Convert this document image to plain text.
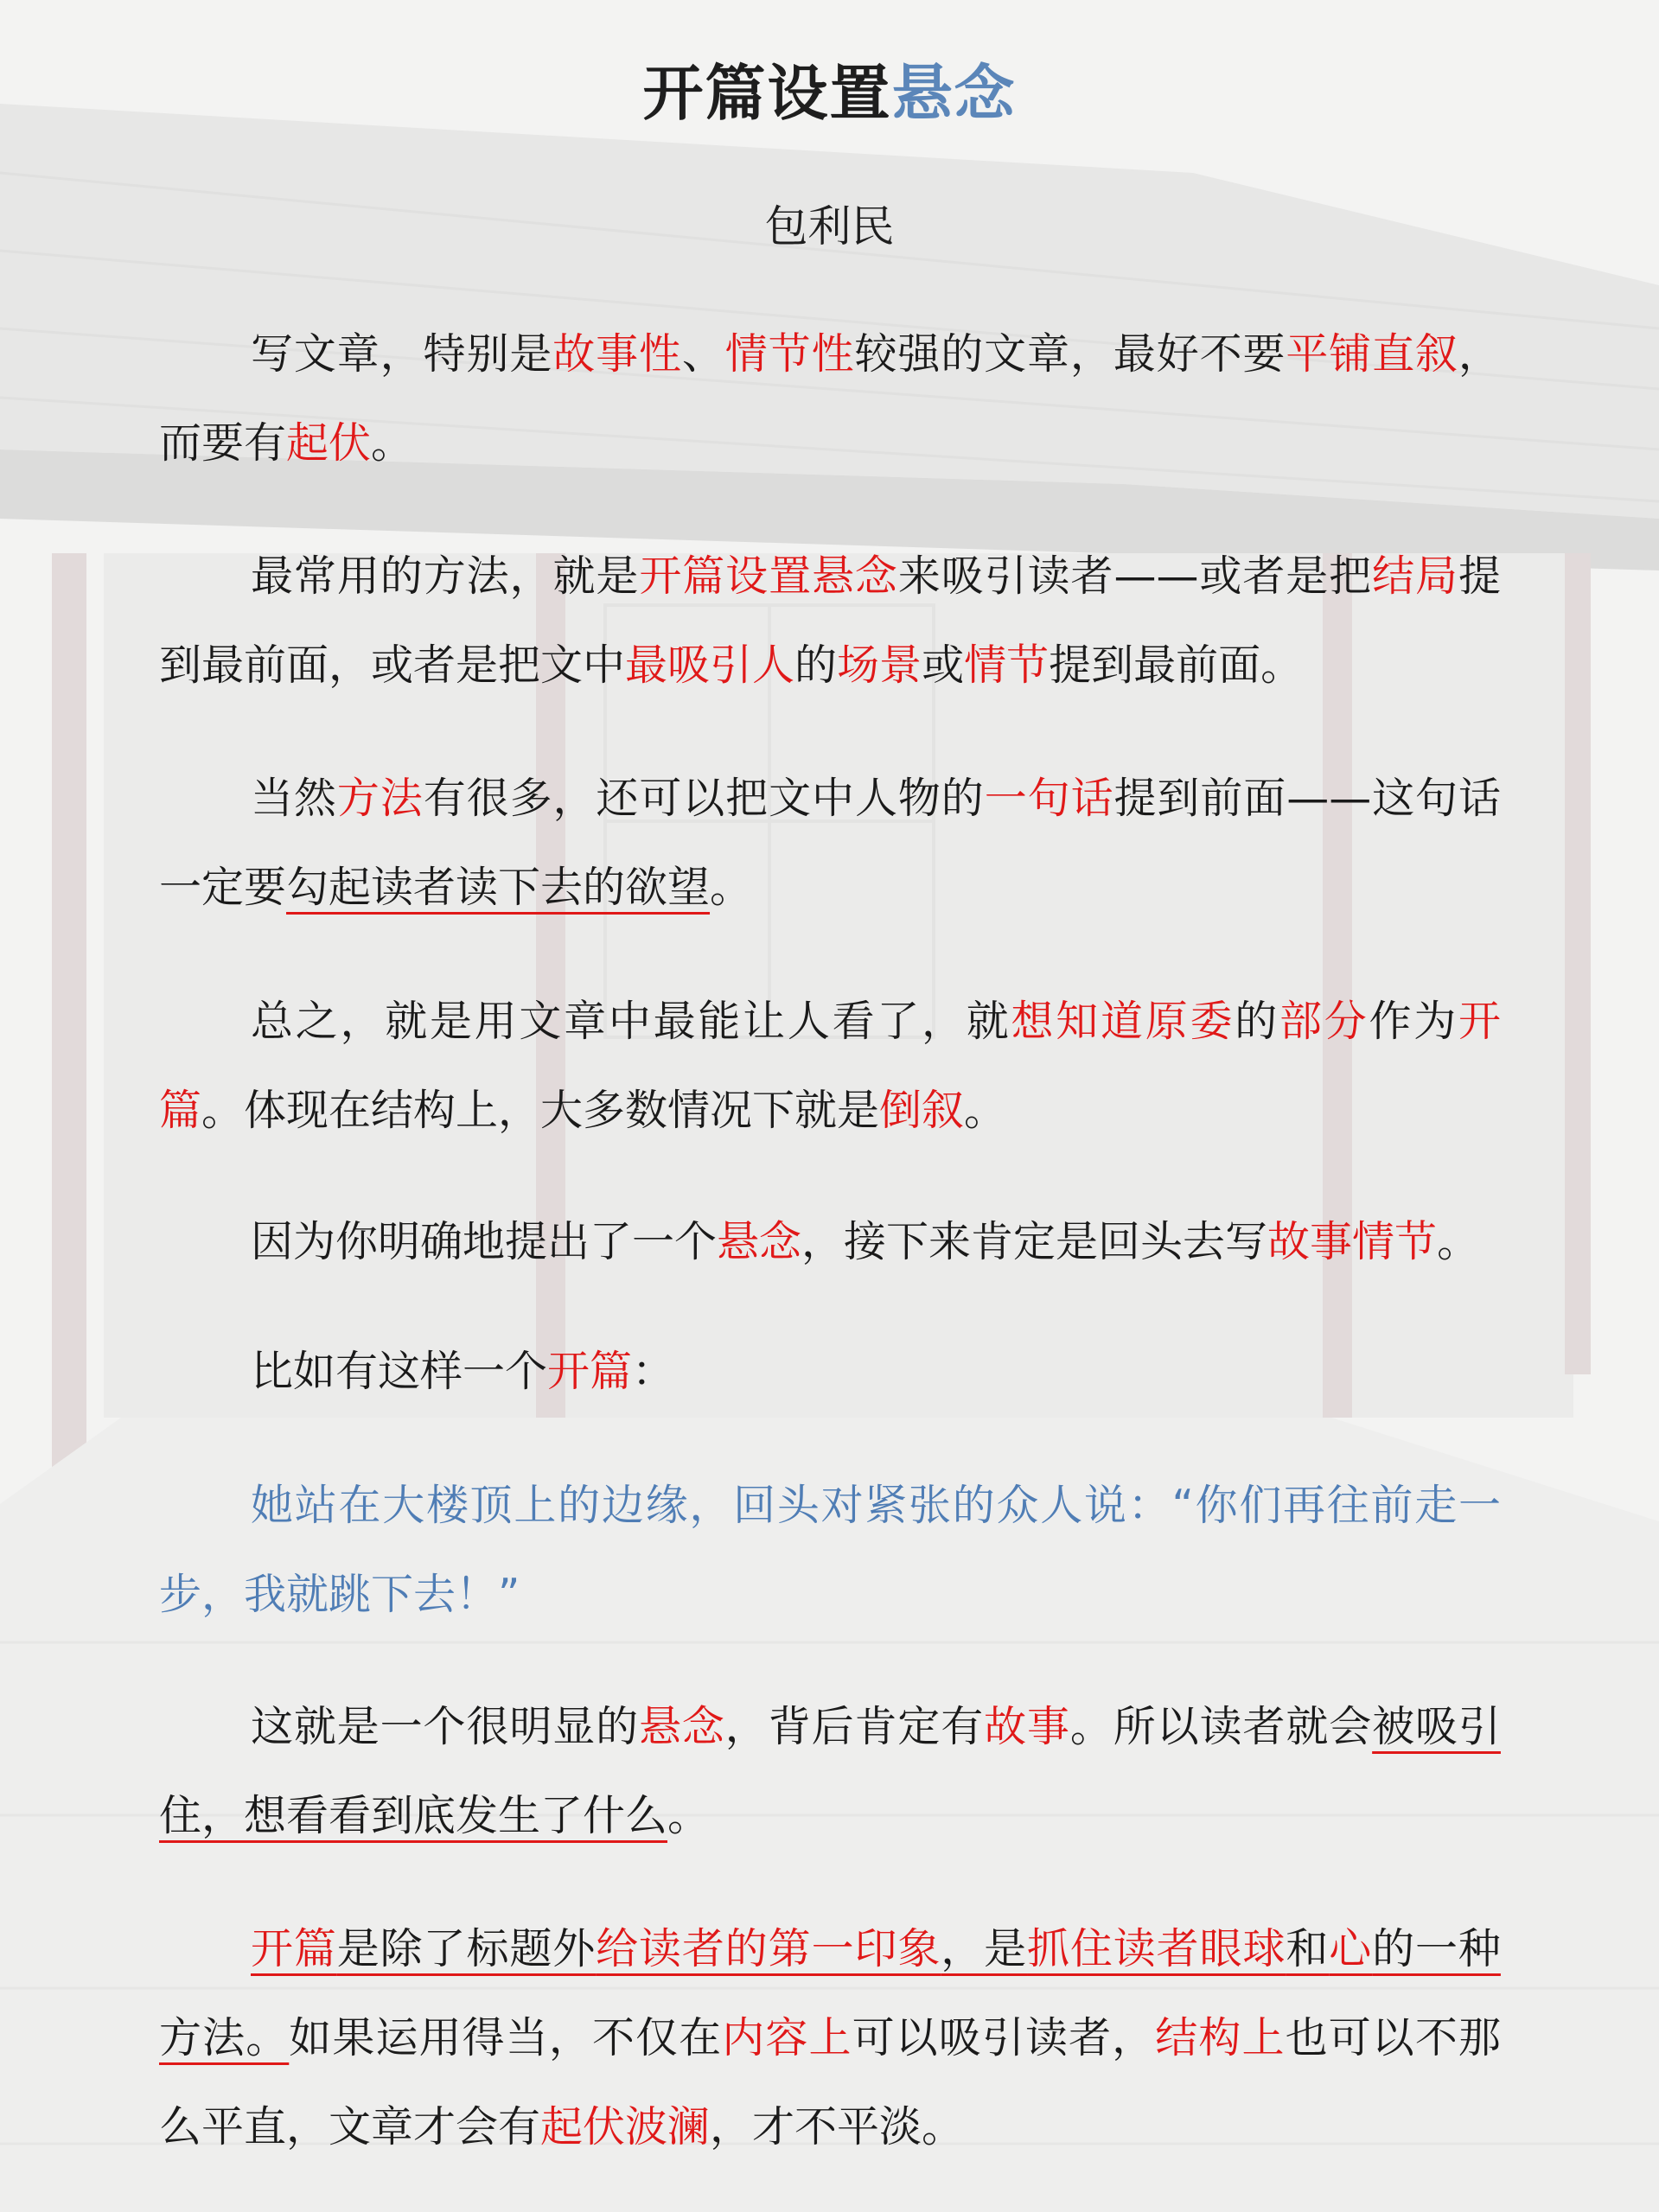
开篇设置悬念
包利民

写文章，特别是故事性、情节性较强的文章，最好不要平铺直叙，而要有起伏。

最常用的方法，就是开篇设置悬念来吸引读者——或者是把结局提到最前面，或者是把文中最吸引人的场景或情节提到最前面。

当然方法有很多，还可以把文中人物的一句话提到前面——这句话一定要勾起读者读下去的欲望。

总之，就是用文章中最能让人看了，就想知道原委的部分作为开篇。体现在结构上，大多数情况下就是倒叙。

因为你明确地提出了一个悬念，接下来肯定是回头去写故事情节。

比如有这样一个开篇：

她站在大楼顶上的边缘，回头对紧张的众人说：“你们再往前走一步，我就跳下去！”

这就是一个很明显的悬念，背后肯定有故事。所以读者就会被吸引住，想看看到底发生了什么。

开篇是除了标题外给读者的第一印象，是抓住读者眼球和心的一种方法。如果运用得当，不仅在内容上可以吸引读者，结构上也可以不那么平直，文章才会有起伏波澜，才不平淡。
